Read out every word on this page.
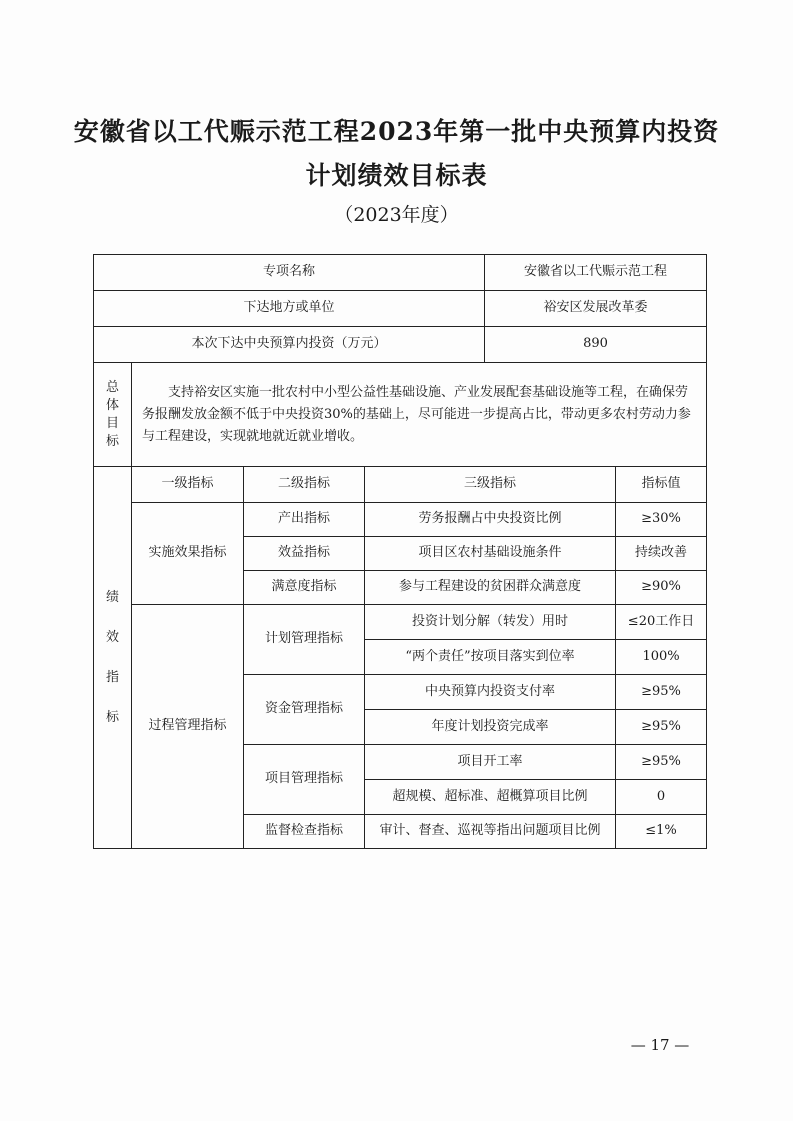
安徽省以工代赈示范工程2023年第一批中央预算内投资
计划绩效目标表
（2023年度）
专项名称				安徽省以工代赈示范工程	
下达地方或单位				裕安区发展改革委	
本次下达中央预算内投资（万元）				890	

总
体
目
标	支持裕安区实施一批农村中小型公益性基础设施、产业发展配套基础设施等工程，在确保劳务报酬发放金额不低于中央投资30%的基础上，尽可能进一步提高占比，带动更多农村劳动力参与工程建设，实现就地就近就业增收。				

绩
效
指
标	一级指标	二级指标	三级指标		指标值
	实施效果指标	产出指标	劳务报酬占中央投资比例		≥30%
		效益指标	项目区农村基础设施条件		持续改善
		满意度指标	参与工程建设的贫困群众满意度		≥90%
	过程管理指标	计划管理指标	投资计划分解（转发）用时		≤20工作日
			“两个责任”按项目落实到位率		100%
		资金管理指标	中央预算内投资支付率		≥95%
			年度计划投资完成率		≥95%
		项目管理指标	项目开工率		≥95%
			超规模、超标准、超概算项目比例		0
		监督检查指标	审计、督查、巡视等指出问题项目比例		≤1%
— 17 —
